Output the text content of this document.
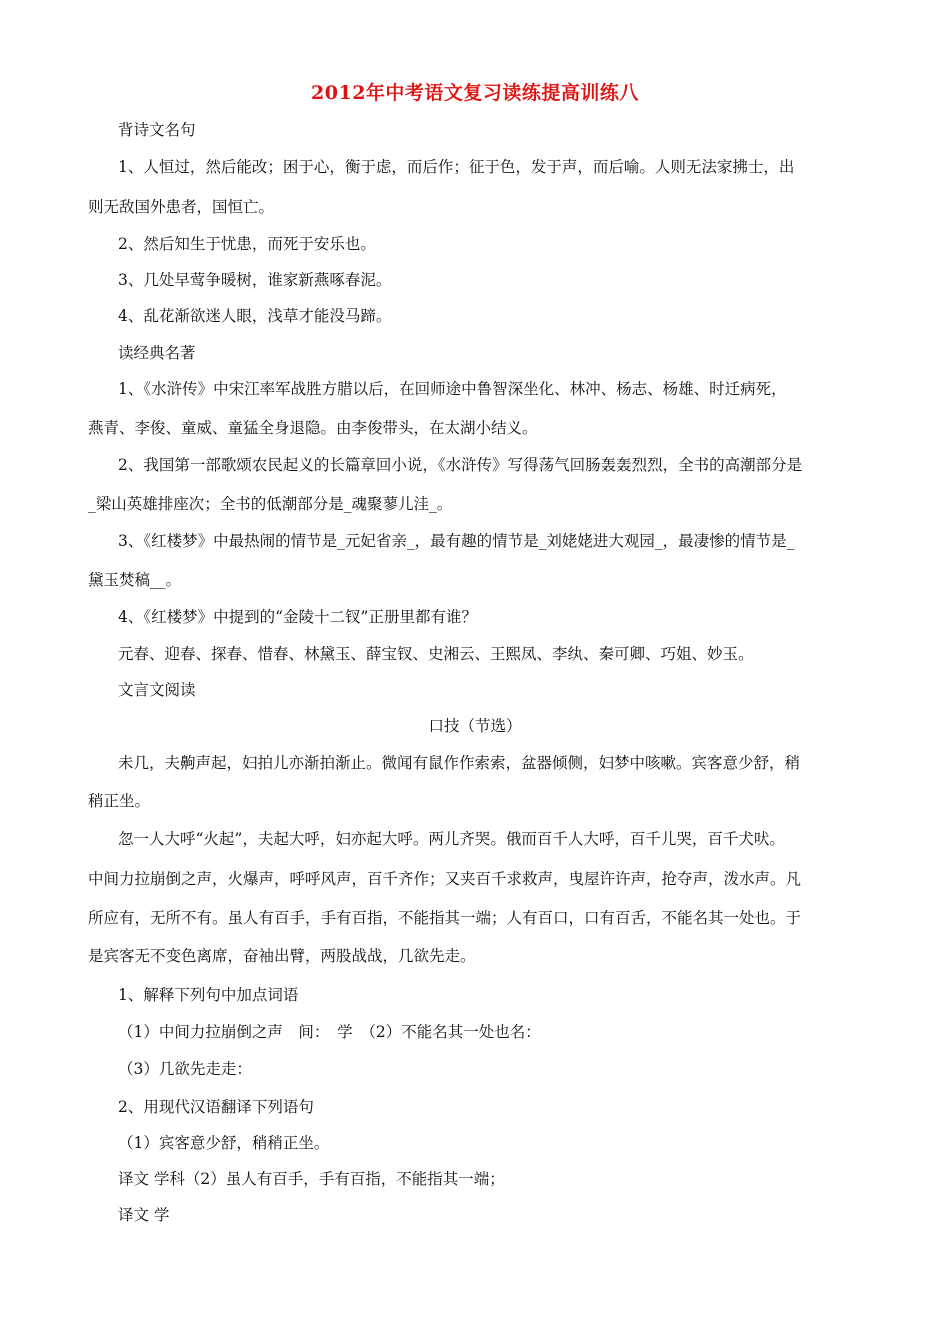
2012年中考语文复习读练提高训练八
背诗文名句
1、人恒过，然后能改；困于心，衡于虑，而后作；征于色，发于声，而后喻。人则无法家拂士，出
则无敌国外患者，国恒亡。
2、然后知生于忧患，而死于安乐也。
3、几处早莺争暖树，谁家新燕啄春泥。
4、乱花渐欲迷人眼，浅草才能没马蹄。
读经典名著
1、《水浒传》中宋江率军战胜方腊以后，在回师途中鲁智深坐化、林冲、杨志、杨雄、时迁病死，
燕青、李俊、童威、童猛全身退隐。由李俊带头，在太湖小结义。
2、我国第一部歌颂农民起义的长篇章回小说，《水浒传》写得荡气回肠轰轰烈烈，全书的高潮部分是
_梁山英雄排座次；全书的低潮部分是_魂聚蓼儿洼_。
3、《红楼梦》中最热闹的情节是_元妃省亲_，最有趣的情节是_刘姥姥进大观园_，最凄惨的情节是_
黛玉焚稿__。
4、《红楼梦》中提到的“金陵十二钗”正册里都有谁？
元春、迎春、探春、惜春、林黛玉、薛宝钗、史湘云、王熙凤、李纨、秦可卿、巧姐、妙玉。
文言文阅读
口技（节选）
未几，夫齁声起，妇拍儿亦渐拍渐止。微闻有鼠作作索索，盆器倾侧，妇梦中咳嗽。宾客意少舒，稍
稍正坐。
忽一人大呼“火起”，夫起大呼，妇亦起大呼。两儿齐哭。俄而百千人大呼，百千儿哭，百千犬吠。
中间力拉崩倒之声，火爆声，呼呼风声，百千齐作；又夹百千求救声，曳屋许许声，抢夺声，泼水声。凡
所应有，无所不有。虽人有百手，手有百指，不能指其一端；人有百口，口有百舌，不能名其一处也。于
是宾客无不变色离席，奋袖出臂，两股战战，几欲先走。
1、解释下列句中加点词语
（1）中间力拉崩倒之声　间：　学　（2）不能名其一处也名：
（3）几欲先走走：
2、用现代汉语翻译下列语句
（1）宾客意少舒，稍稍正坐。
译文 学科（2）虽人有百手，手有百指，不能指其一端；
译文 学
